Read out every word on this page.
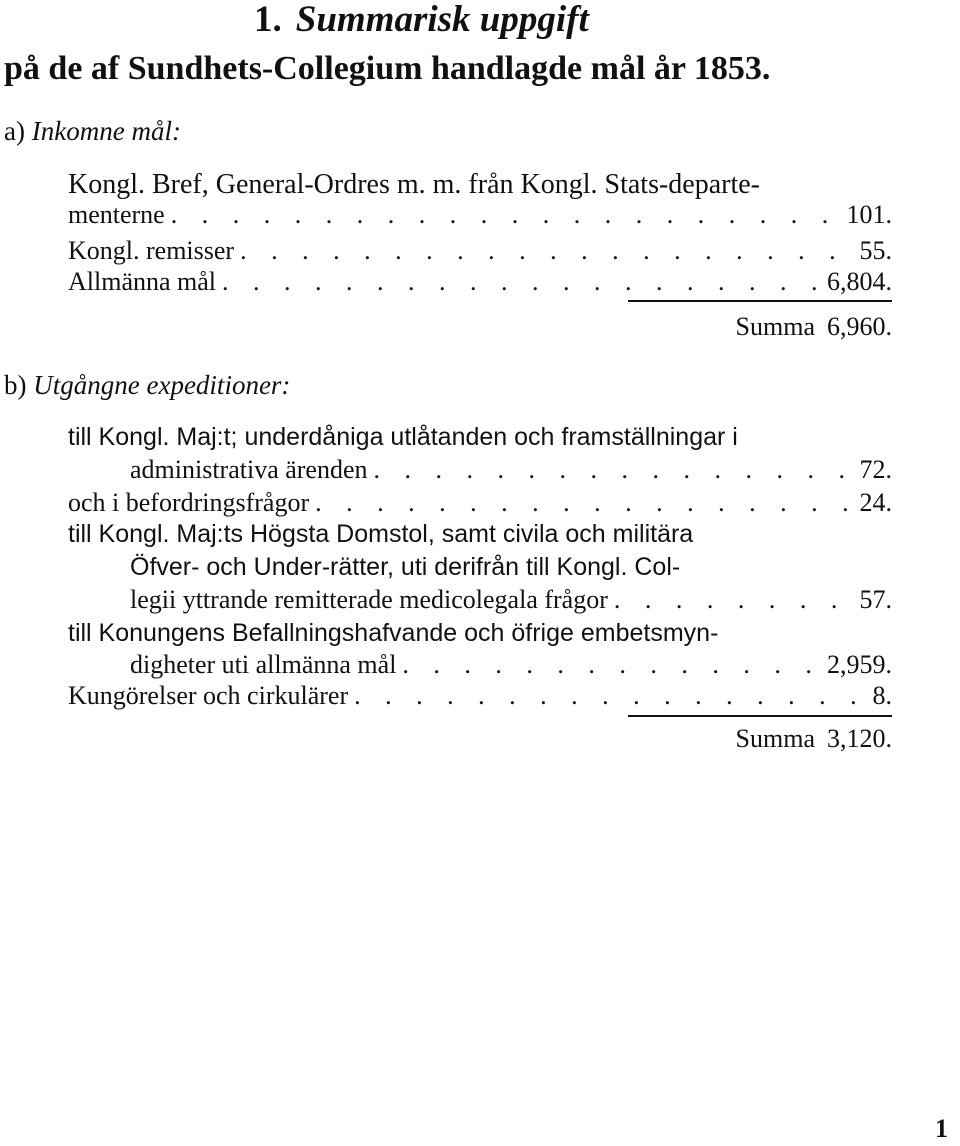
1. Summarisk uppgift
på de af Sundhets-Collegium handlagde mål år 1853.
a) Inkomne mål:
Kongl. Bref, General-Ordres m. m. från Kongl. Stats-departe-
menterne . . .	101.
Kongl. remisser . . .	55.
Allmänna mål . . .	6,804.
Summa 6,960.
b) Utgångne expeditioner:
till Kongl. Maj:t; underdåniga utlåtanden och framställningar i
administrativa ärenden . . .	72.
och i befordringsfrågor . . .	24.
till Kongl. Maj:ts Högsta Domstol, samt civila och militära
Öfver- och Under-rätter, uti derifrån till Kongl. Col-
legii yttrande remitterade medicolegala frågor . . .	57.
till Konungens Befallningshafvande och öfrige embetsmyn-
digheter uti allmänna mål . . .	2,959.
Kungörelser och cirkulärer . . .	8.
Summa 3,120.
1
